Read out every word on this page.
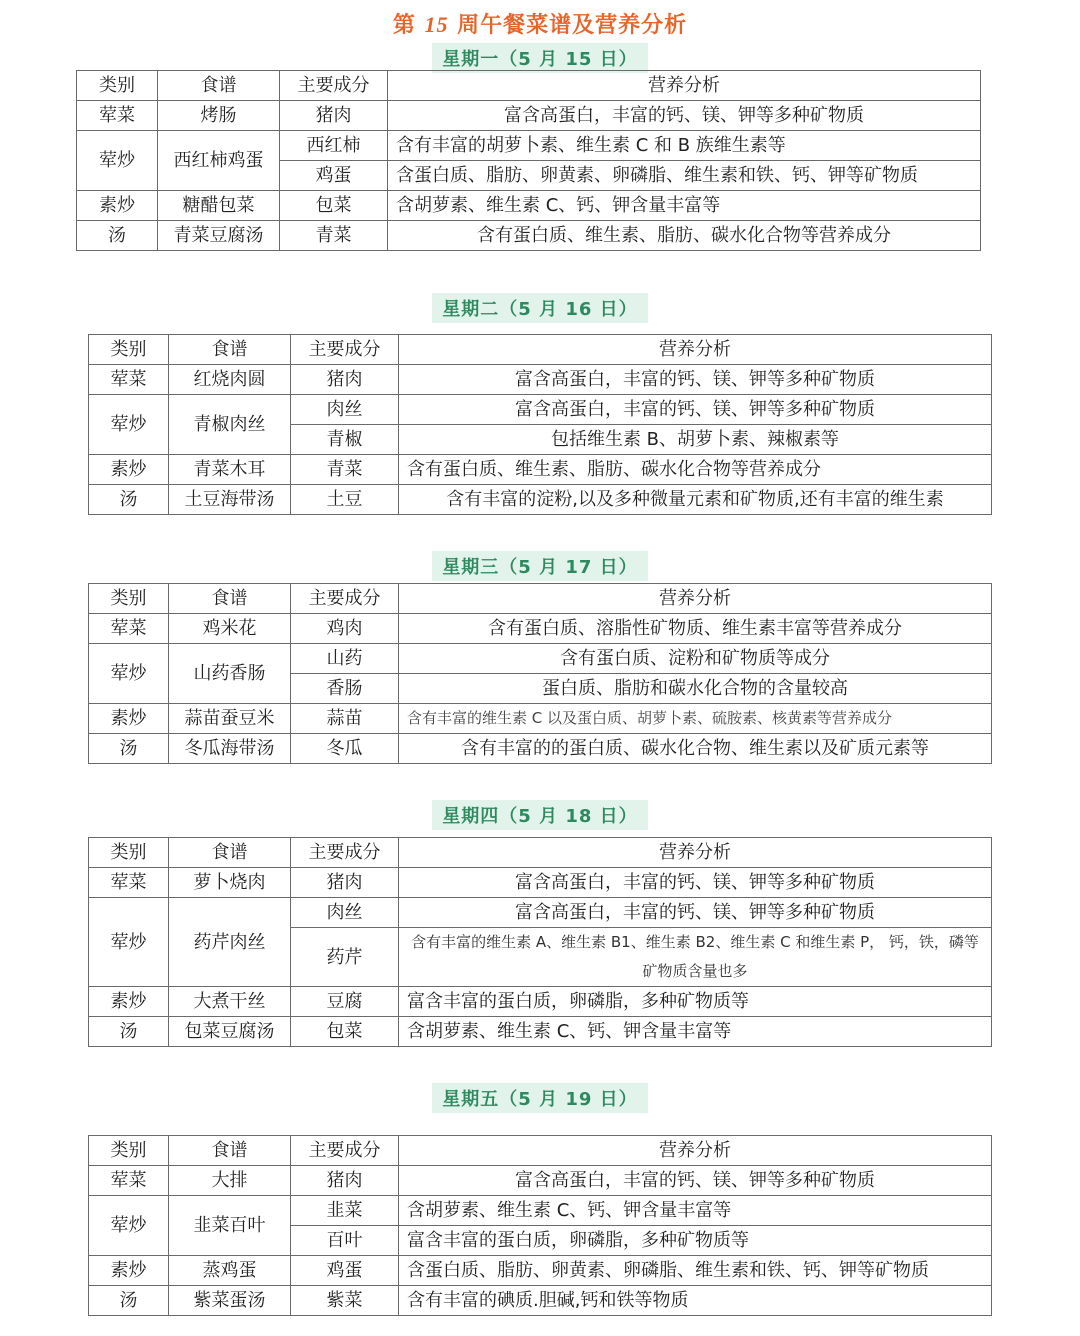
第 15 周午餐菜谱及营养分析
星期一（5 月 15 日）
类别	食谱	主要成分	营养分析
荤菜	烤肠	猪肉	富含高蛋白，丰富的钙、镁、钾等多种矿物质
荤炒	西红柿鸡蛋	西红柿	含有丰富的胡萝卜素、维生素 C 和 B 族维生素等
		鸡蛋	含蛋白质、脂肪、卵黄素、卵磷脂、维生素和铁、钙、钾等矿物质
素炒	糖醋包菜	包菜	含胡萝素、维生素 C、钙、钾含量丰富等
汤	青菜豆腐汤	青菜	含有蛋白质、维生素、脂肪、碳水化合物等营养成分
星期二（5 月 16 日）
类别	食谱	主要成分	营养分析
荤菜	红烧肉圆	猪肉	富含高蛋白，丰富的钙、镁、钾等多种矿物质
荤炒	青椒肉丝	肉丝	富含高蛋白，丰富的钙、镁、钾等多种矿物质
		青椒	包括维生素 B、胡萝卜素、辣椒素等
素炒	青菜木耳	青菜	含有蛋白质、维生素、脂肪、碳水化合物等营养成分
汤	土豆海带汤	土豆	含有丰富的淀粉,以及多种微量元素和矿物质,还有丰富的维生素
星期三（5 月 17 日）
类别	食谱	主要成分	营养分析
荤菜	鸡米花	鸡肉	含有蛋白质、溶脂性矿物质、维生素丰富等营养成分
荤炒	山药香肠	山药	含有蛋白质、淀粉和矿物质等成分
		香肠	蛋白质、脂肪和碳水化合物的含量较高
素炒	蒜苗蚕豆米	蒜苗	含有丰富的维生素 C 以及蛋白质、胡萝卜素、硫胺素、核黄素等营养成分
汤	冬瓜海带汤	冬瓜	含有丰富的的蛋白质、碳水化合物、维生素以及矿质元素等
星期四（5 月 18 日）
类别	食谱	主要成分	营养分析
荤菜	萝卜烧肉	猪肉	富含高蛋白，丰富的钙、镁、钾等多种矿物质
荤炒	药芹肉丝	肉丝	富含高蛋白，丰富的钙、镁、钾等多种矿物质
		药芹	含有丰富的维生素 A、维生素 B1、维生素 B2、维生素 C 和维生素 P， 钙，铁，磷等矿物质含量也多
素炒	大煮干丝	豆腐	富含丰富的蛋白质，卵磷脂，多种矿物质等
汤	包菜豆腐汤	包菜	含胡萝素、维生素 C、钙、钾含量丰富等
星期五（5 月 19 日）
类别	食谱	主要成分	营养分析
荤菜	大排	猪肉	富含高蛋白，丰富的钙、镁、钾等多种矿物质
荤炒	韭菜百叶	韭菜	含胡萝素、维生素 C、钙、钾含量丰富等
		百叶	富含丰富的蛋白质，卵磷脂，多种矿物质等
素炒	蒸鸡蛋	鸡蛋	含蛋白质、脂肪、卵黄素、卵磷脂、维生素和铁、钙、钾等矿物质
汤	紫菜蛋汤	紫菜	含有丰富的碘质.胆碱,钙和铁等物质
